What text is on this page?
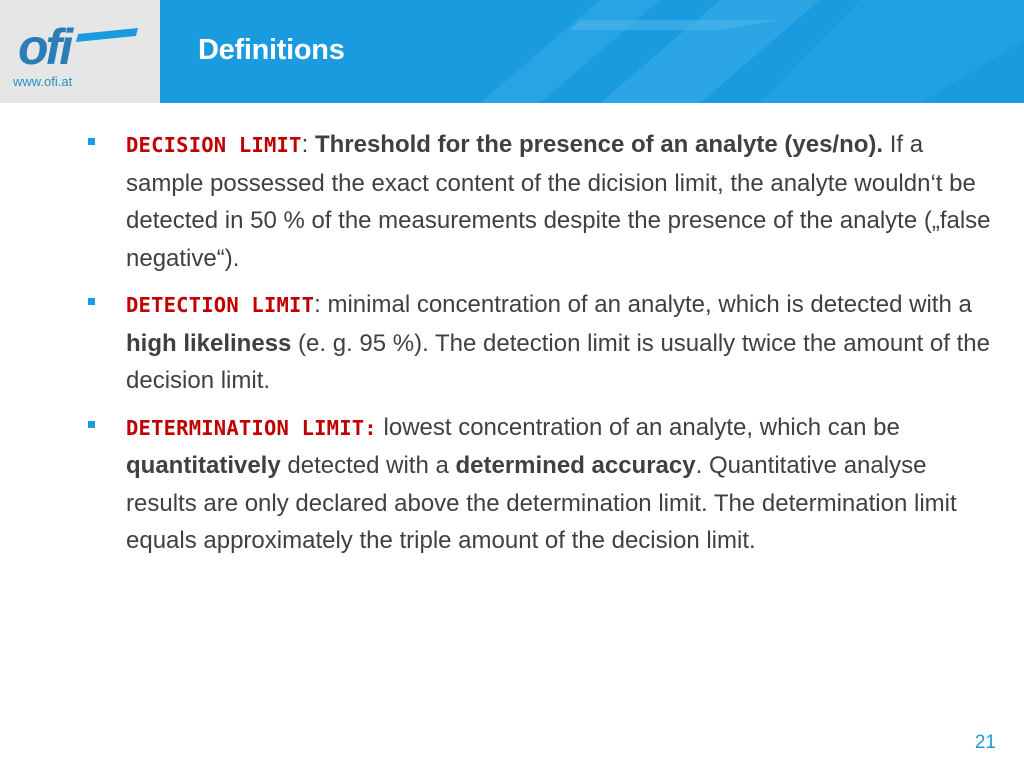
ofi
www.ofi.at
Definitions

DECISION LIMIT: Threshold for the presence of an analyte (yes/no). If a sample possessed the exact content of the dicision limit, the analyte wouldn‘t be detected in 50 % of the measurements despite the presence of the analyte („false negative“).

DETECTION LIMIT: minimal concentration of an analyte, which is detected with a high likeliness (e. g. 95 %). The detection limit is usually twice the amount of the decision limit.

DETERMINATION LIMIT: lowest concentration of an analyte, which can be quantitatively detected with a determined accuracy. Quantitative analyse results are only declared above the determination limit. The determination limit equals approximately the triple amount of the decision limit.

21
